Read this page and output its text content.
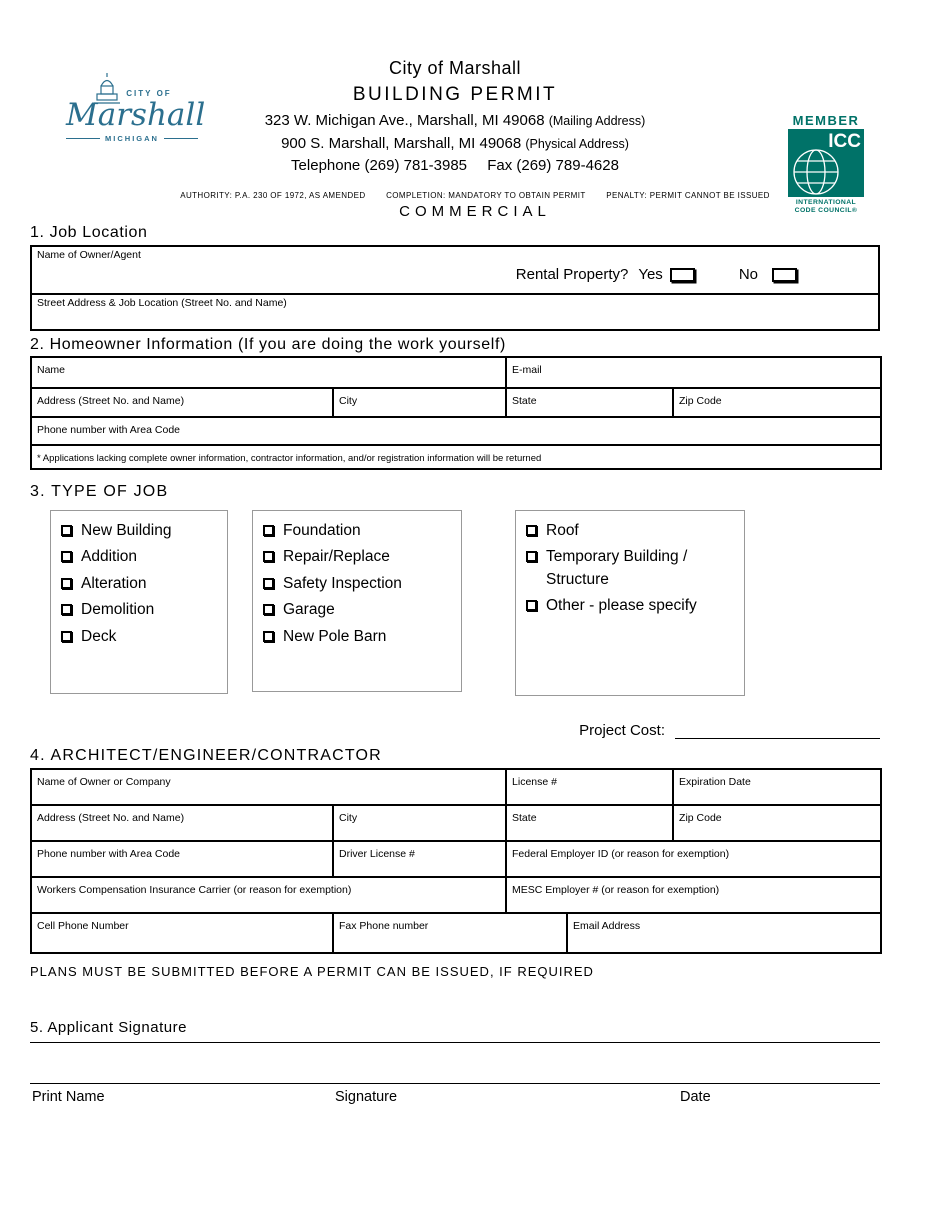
CITY OF
Marshall
MICHIGAN
City of Marshall
BUILDING PERMIT
323 W. Michigan Ave., Marshall, MI 49068 (Mailing Address)
900 S. Marshall, Marshall, MI 49068 (Physical Address)
Telephone (269) 781-3985 Fax (269) 789-4628
MEMBER
ICC
INTERNATIONAL
CODE COUNCIL®
AUTHORITY: P.A. 230 OF 1972, AS AMENDED	COMPLETION: MANDATORY TO OBTAIN PERMIT	PENALTY: PERMIT CANNOT BE ISSUED
COMMERCIAL
1. Job Location
Name of Owner/Agent
Rental Property? Yes	No

Street Address & Job Location (Street No. and Name)
2. Homeowner Information (If you are doing the work yourself)
Name		E-mail	
Address (Street No. and Name)	City	State	Zip Code
Phone number with Area Code			
* Applications lacking complete owner information, contractor information, and/or registration information will be returned			
3. TYPE OF JOB
New Building
Addition
Alteration
Demolition
Deck
Foundation
Repair/Replace
Safety Inspection
Garage
New Pole Barn
Roof
Temporary Building / Structure
Other - please specify
Project Cost:
4. ARCHITECT/ENGINEER/CONTRACTOR
Name of Owner or Company		License #		Expiration Date
Address (Street No. and Name)	City	State		Zip Code
Phone number with Area Code	Driver License #	Federal Employer ID (or reason for exemption)		
Workers Compensation Insurance Carrier (or reason for exemption)		MESC Employer # (or reason for exemption)		
Cell Phone Number	Fax Phone number		Email Address	
PLANS MUST BE SUBMITTED BEFORE A PERMIT CAN BE ISSUED, IF REQUIRED
5. Applicant Signature
Print Name	Signature	Date
